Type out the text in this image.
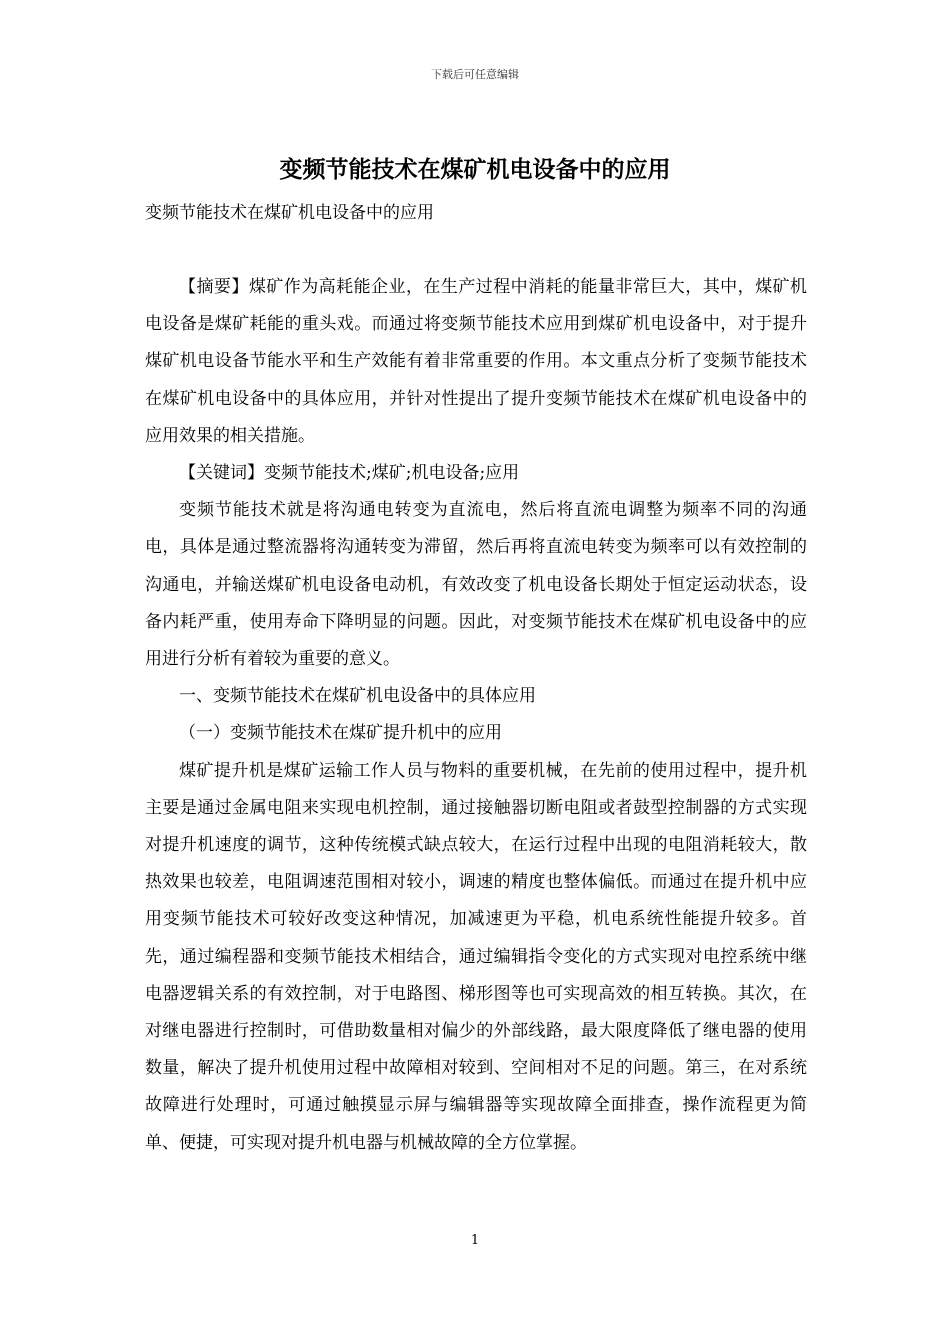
下载后可任意编辑
变频节能技术在煤矿机电设备中的应用

变频节能技术在煤矿机电设备中的应用

【摘要】煤矿作为高耗能企业，在生产过程中消耗的能量非常巨大，其中，煤矿机电设备是煤矿耗能的重头戏。而通过将变频节能技术应用到煤矿机电设备中，对于提升煤矿机电设备节能水平和生产效能有着非常重要的作用。本文重点分析了变频节能技术在煤矿机电设备中的具体应用，并针对性提出了提升变频节能技术在煤矿机电设备中的应用效果的相关措施。

【关键词】变频节能技术;煤矿;机电设备;应用

变频节能技术就是将沟通电转变为直流电，然后将直流电调整为频率不同的沟通电，具体是通过整流器将沟通转变为滞留，然后再将直流电转变为频率可以有效控制的沟通电，并输送煤矿机电设备电动机，有效改变了机电设备长期处于恒定运动状态，设备内耗严重，使用寿命下降明显的问题。因此，对变频节能技术在煤矿机电设备中的应用进行分析有着较为重要的意义。

一、变频节能技术在煤矿机电设备中的具体应用

（一）变频节能技术在煤矿提升机中的应用

煤矿提升机是煤矿运输工作人员与物料的重要机械，在先前的使用过程中，提升机主要是通过金属电阻来实现电机控制，通过接触器切断电阻或者鼓型控制器的方式实现对提升机速度的调节，这种传统模式缺点较大，在运行过程中出现的电阻消耗较大，散热效果也较差，电阻调速范围相对较小，调速的精度也整体偏低。而通过在提升机中应用变频节能技术可较好改变这种情况，加减速更为平稳，机电系统性能提升较多。首先，通过编程器和变频节能技术相结合，通过编辑指令变化的方式实现对电控系统中继电器逻辑关系的有效控制，对于电路图、梯形图等也可实现高效的相互转换。其次，在对继电器进行控制时，可借助数量相对偏少的外部线路，最大限度降低了继电器的使用数量，解决了提升机使用过程中故障相对较到、空间相对不足的问题。第三，在对系统故障进行处理时，可通过触摸显示屏与编辑器等实现故障全面排查，操作流程更为简单、便捷，可实现对提升机电器与机械故障的全方位掌握。

1
